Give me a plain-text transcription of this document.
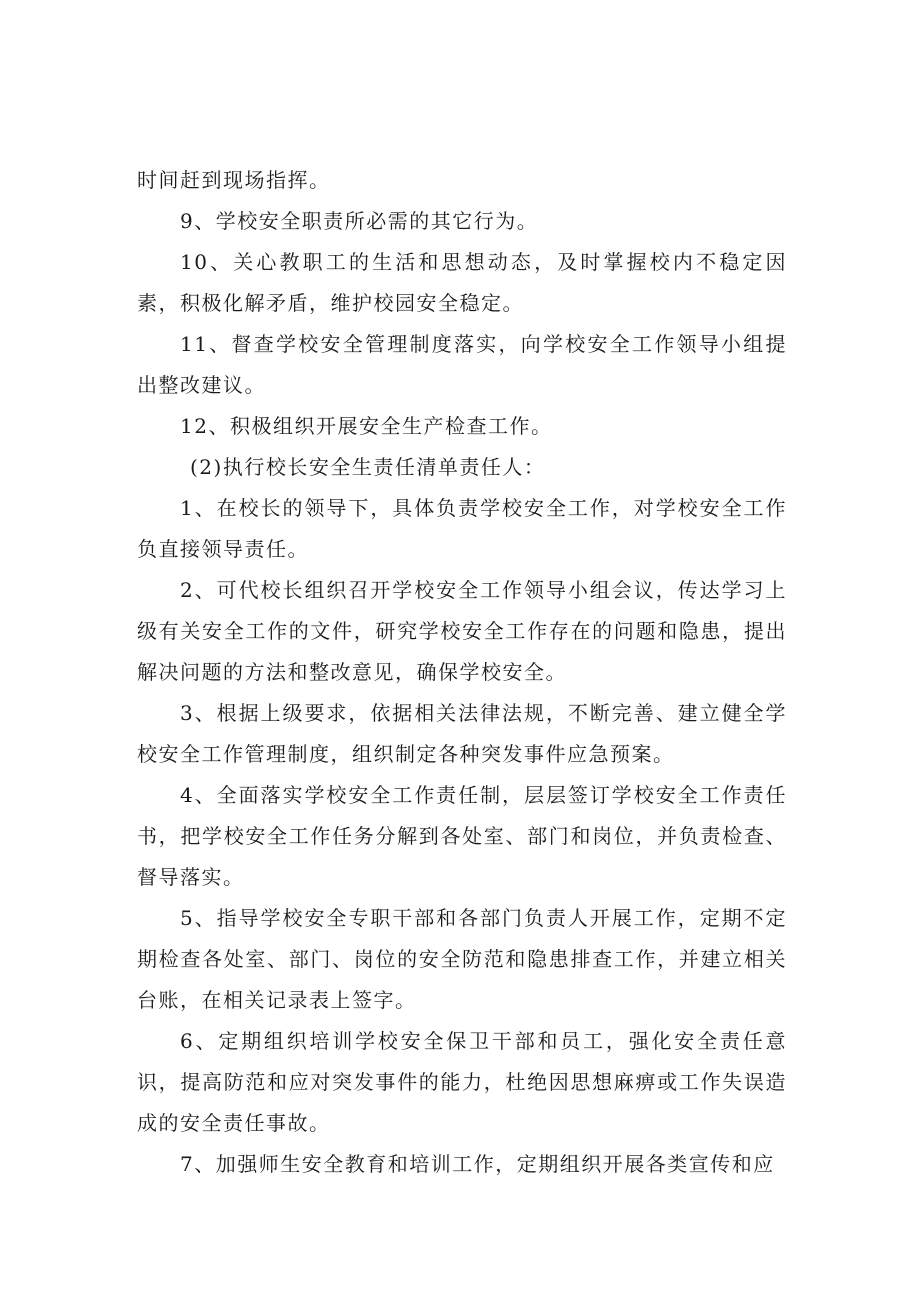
时间赶到现场指挥。

9、学校安全职责所必需的其它行为。

10、关心教职工的生活和思想动态，及时掌握校内不稳定因素，积极化解矛盾，维护校园安全稳定。

11、督查学校安全管理制度落实，向学校安全工作领导小组提出整改建议。

12、积极组织开展安全生产检查工作。

(2)执行校长安全生责任清单责任人：

1、在校长的领导下，具体负责学校安全工作，对学校安全工作负直接领导责任。

2、可代校长组织召开学校安全工作领导小组会议，传达学习上级有关安全工作的文件，研究学校安全工作存在的问题和隐患，提出解决问题的方法和整改意见，确保学校安全。

3、根据上级要求，依据相关法律法规，不断完善、建立健全学校安全工作管理制度，组织制定各种突发事件应急预案。

4、全面落实学校安全工作责任制，层层签订学校安全工作责任书，把学校安全工作任务分解到各处室、部门和岗位，并负责检查、督导落实。

5、指导学校安全专职干部和各部门负责人开展工作，定期不定期检查各处室、部门、岗位的安全防范和隐患排查工作，并建立相关台账，在相关记录表上签字。

6、定期组织培训学校安全保卫干部和员工，强化安全责任意识，提高防范和应对突发事件的能力，杜绝因思想麻痹或工作失误造成的安全责任事故。

7、加强师生安全教育和培训工作，定期组织开展各类宣传和应
